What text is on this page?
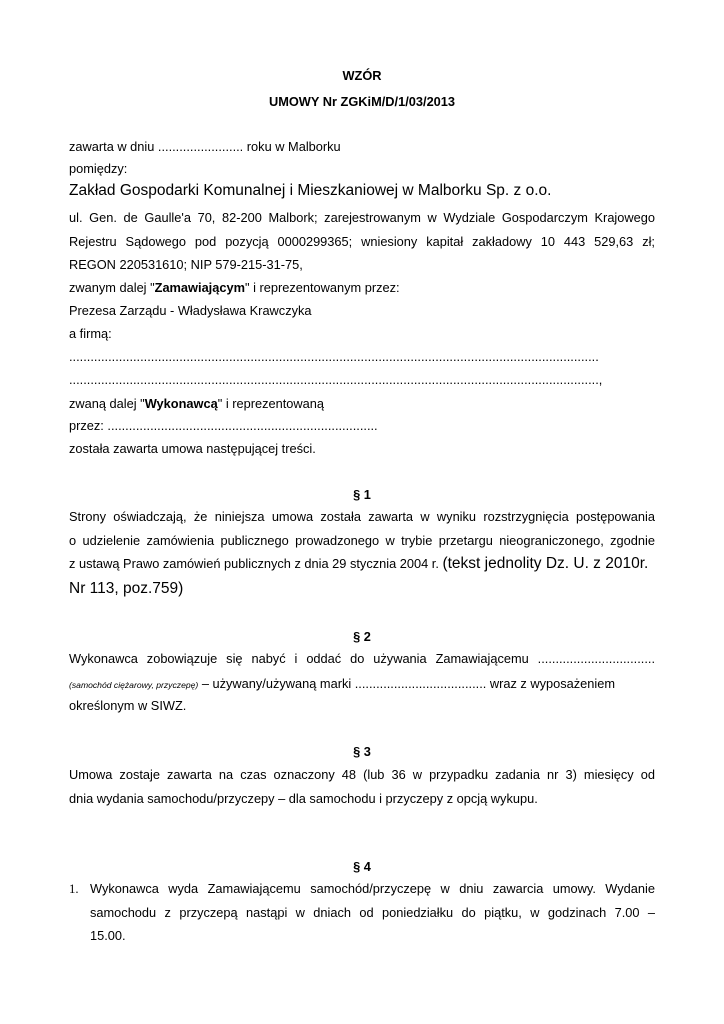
WZÓR
UMOWY Nr ZGKiM/D/1/03/2013
zawarta w dniu ........................ roku w Malborku
pomiędzy:
Zakład Gospodarki Komunalnej i Mieszkaniowej w Malborku Sp. z o.o.
ul. Gen. de Gaulle'a 70, 82-200 Malbork; zarejestrowanym w Wydziale Gospodarczym Krajowego
Rejestru Sądowego pod pozycją 0000299365; wniesiony kapitał zakładowy 10 443 529,63 zł;
REGON 220531610; NIP 579-215-31-75,
zwanym dalej "Zamawiającym" i reprezentowanym przez:
Prezesa Zarządu - Władysława Krawczyka
a firmą:
.....................................................................................................................................................
.....................................................................................................................................................,
zwaną dalej "Wykonawcą" i reprezentowaną
przez: ............................................................................
została zawarta umowa następującej treści.
§ 1
Strony oświadczają, że niniejsza umowa została zawarta w wyniku rozstrzygnięcia postępowania
o udzielenie zamówienia publicznego prowadzonego w trybie przetargu nieograniczonego, zgodnie
z ustawą Prawo zamówień publicznych z dnia 29 stycznia 2004 r. (tekst jednolity Dz. U. z 2010r.
Nr 113, poz.759)
§ 2
Wykonawca zobowiązuje się nabyć i oddać do używania Zamawiającemu .................................
(samochód ciężarowy, przyczepę) – używany/używaną marki ..................................... wraz z wyposażeniem
określonym w SIWZ.
§ 3
Umowa zostaje zawarta na czas oznaczony 48 (lub 36 w przypadku zadania nr 3) miesięcy od
dnia wydania samochodu/przyczepy – dla samochodu i przyczepy z opcją wykupu.
§ 4
1. Wykonawca wyda Zamawiającemu samochód/przyczepę w dniu zawarcia umowy. Wydanie
samochodu z przyczepą nastąpi w dniach od poniedziałku do piątku, w godzinach 7.00 –
15.00.
